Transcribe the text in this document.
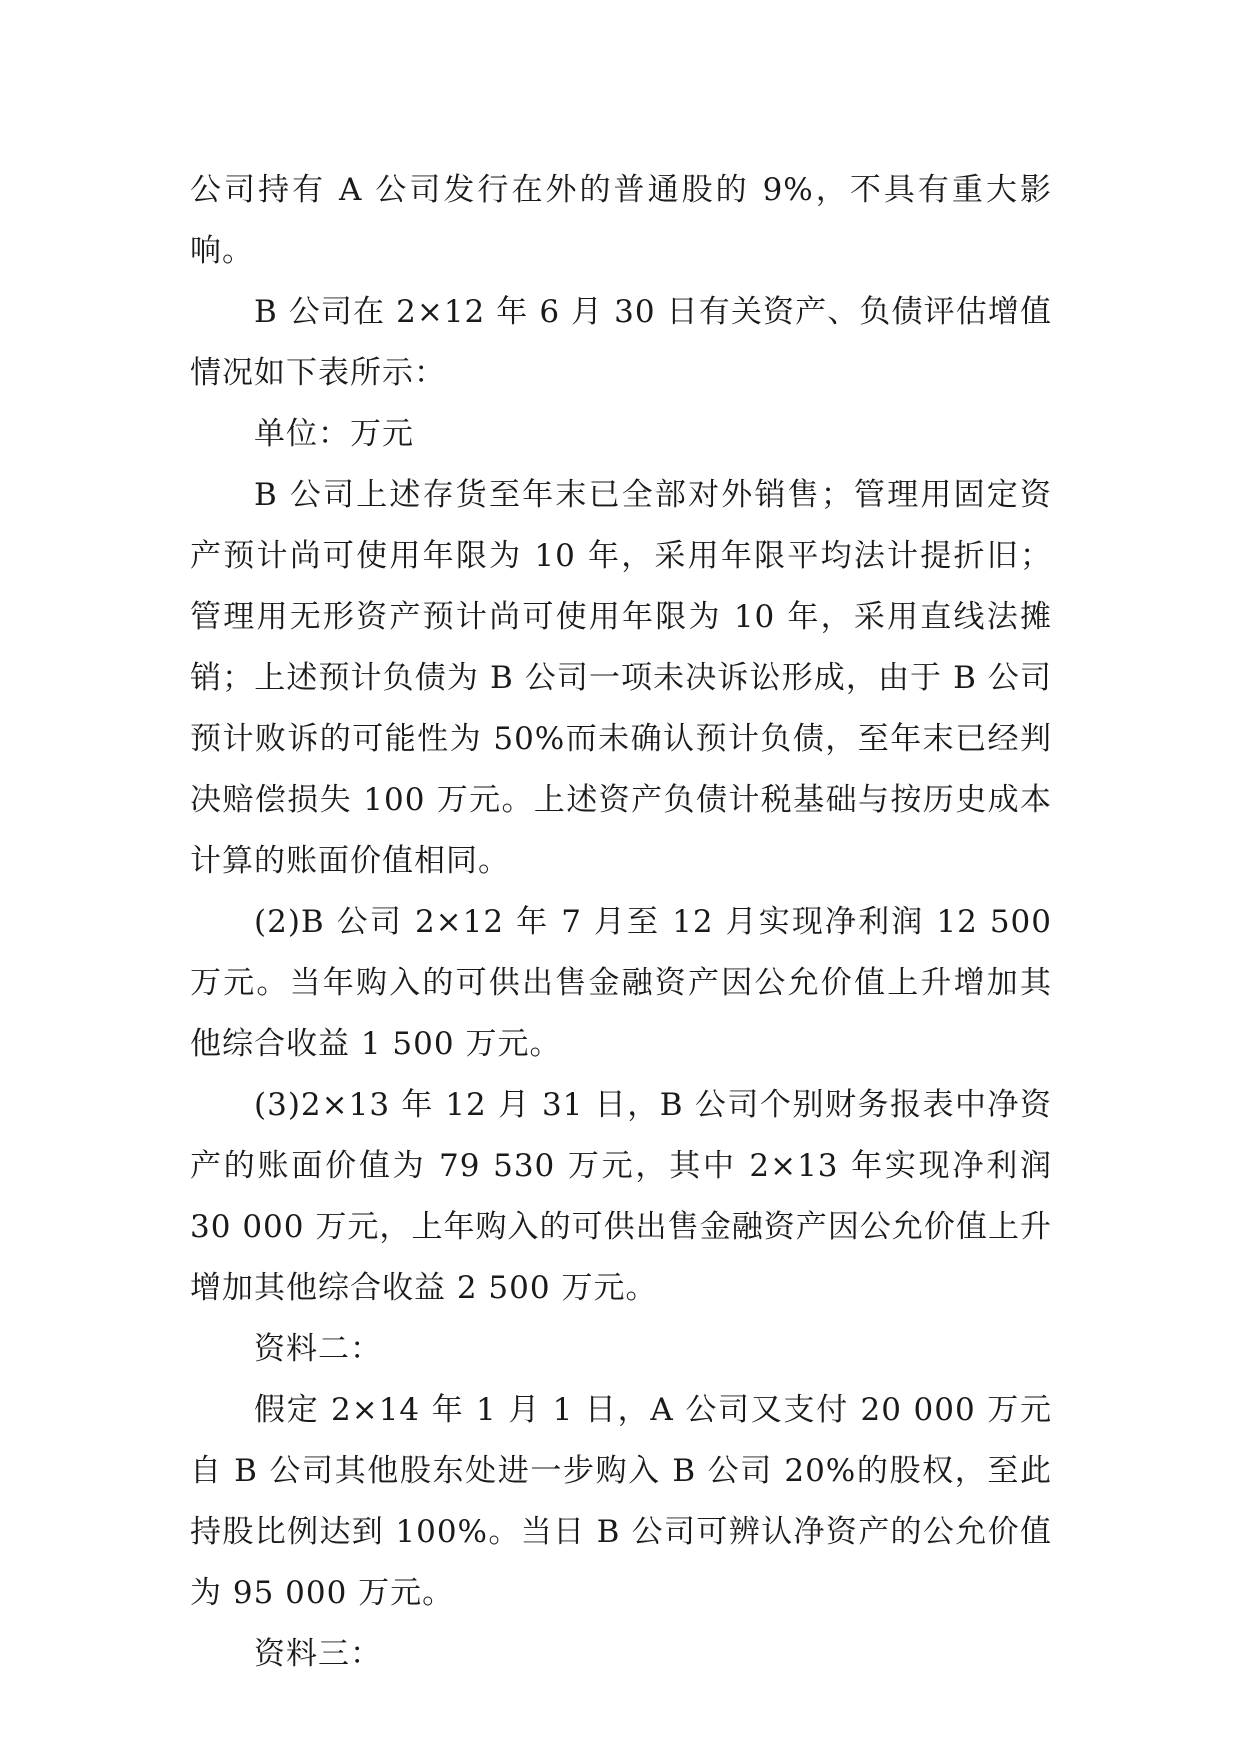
公司持有 A 公司发行在外的普通股的 9%，不具有重大影响。

B 公司在 2×12 年 6 月 30 日有关资产、负债评估增值情况如下表所示：

单位：万元

B 公司上述存货至年末已全部对外销售；管理用固定资产预计尚可使用年限为 10 年，采用年限平均法计提折旧；管理用无形资产预计尚可使用年限为 10 年，采用直线法摊销；上述预计负债为 B 公司一项未决诉讼形成，由于 B 公司预计败诉的可能性为 50%而未确认预计负债，至年末已经判决赔偿损失 100 万元。上述资产负债计税基础与按历史成本计算的账面价值相同。

(2)B 公司 2×12 年 7 月至 12 月实现净利润 12 500 万元。当年购入的可供出售金融资产因公允价值上升增加其他综合收益 1 500 万元。

(3)2×13 年 12 月 31 日，B 公司个别财务报表中净资产的账面价值为 79 530 万元，其中 2×13 年实现净利润 30 000 万元，上年购入的可供出售金融资产因公允价值上升增加其他综合收益 2 500 万元。

资料二：

假定 2×14 年 1 月 1 日，A 公司又支付 20 000 万元自 B 公司其他股东处进一步购入 B 公司 20%的股权，至此持股比例达到 100%。当日 B 公司可辨认净资产的公允价值为 95 000 万元。

资料三：
